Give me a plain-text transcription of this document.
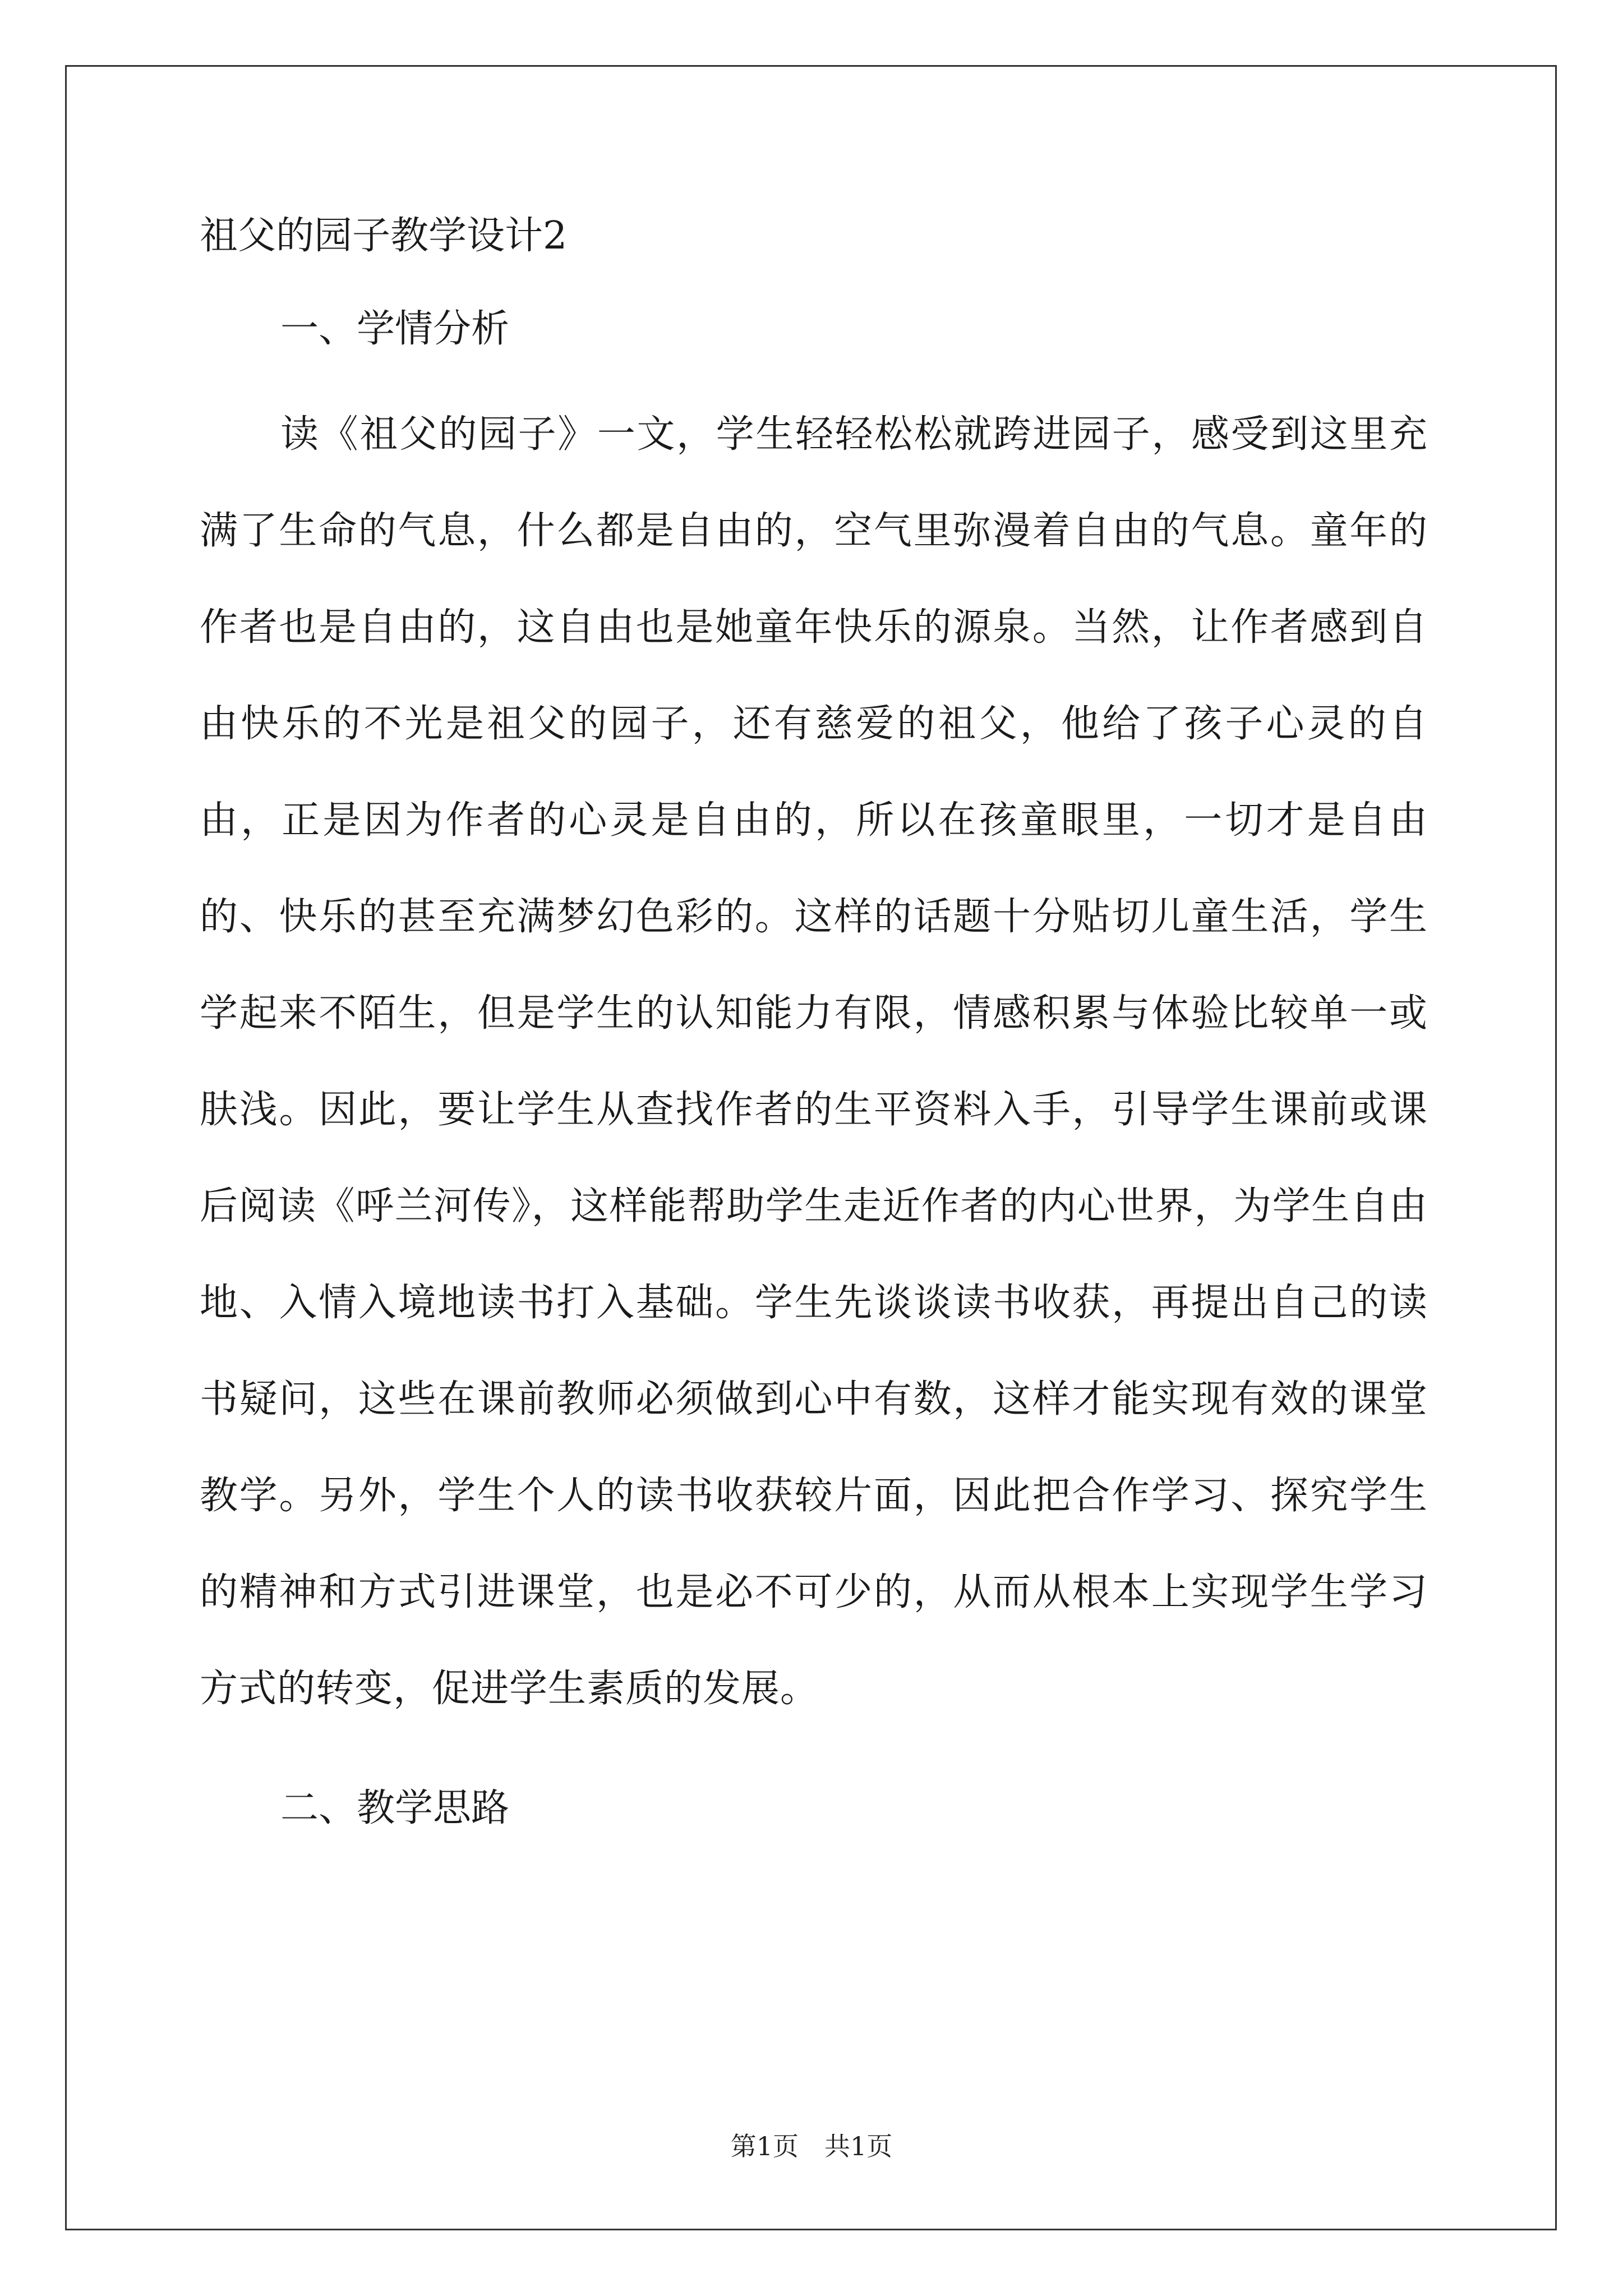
祖父的园子教学设计2
一、学情分析

读《祖父的园子》一文，学生轻轻松松就跨进园子，感受到这里充满了生命的气息，什么都是自由的，空气里弥漫着自由的气息。童年的作者也是自由的，这自由也是她童年快乐的源泉。当然，让作者感到自由快乐的不光是祖父的园子，还有慈爱的祖父，他给了孩子心灵的自由，正是因为作者的心灵是自由的，所以在孩童眼里，一切才是自由的、快乐的甚至充满梦幻色彩的。这样的话题十分贴切儿童生活，学生学起来不陌生，但是学生的认知能力有限，情感积累与体验比较单一或肤浅。因此，要让学生从查找作者的生平资料入手，引导学生课前或课后阅读《呼兰河传》，这样能帮助学生走近作者的内心世界，为学生自由地、入情入境地读书打入基础。学生先谈谈读书收获，再提出自己的读书疑问，这些在课前教师必须做到心中有数，这样才能实现有效的课堂教学。另外，学生个人的读书收获较片面，因此把合作学习、探究学生的精神和方式引进课堂，也是必不可少的，从而从根本上实现学生学习方式的转变，促进学生素质的发展。

二、教学思路
第1页　共1页
